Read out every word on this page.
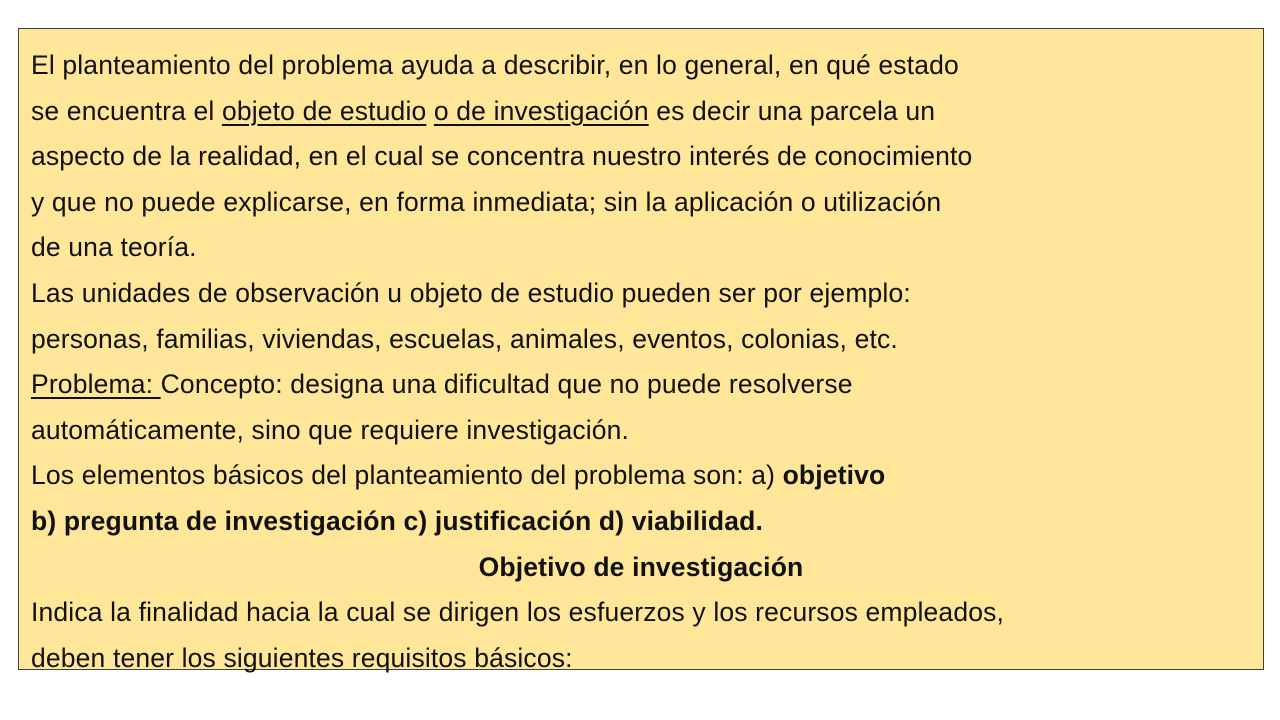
El planteamiento del problema ayuda a describir, en lo general, en qué estado
se encuentra el objeto de estudio o de investigación es decir una parcela un
aspecto de la realidad, en el cual se concentra nuestro interés de conocimiento
y que no puede explicarse, en forma inmediata; sin la aplicación o utilización
de una teoría.
Las unidades de observación u objeto de estudio pueden ser por ejemplo:
personas, familias, viviendas, escuelas, animales, eventos, colonias, etc.
Problema: Concepto: designa una dificultad que no puede resolverse
automáticamente, sino que requiere investigación.
Los elementos básicos del planteamiento del problema son: a) objetivo
b) pregunta de investigación c) justificación d) viabilidad.
Objetivo de investigación
Indica la finalidad hacia la cual se dirigen los esfuerzos y los recursos empleados,
deben tener los siguientes requisitos básicos:
